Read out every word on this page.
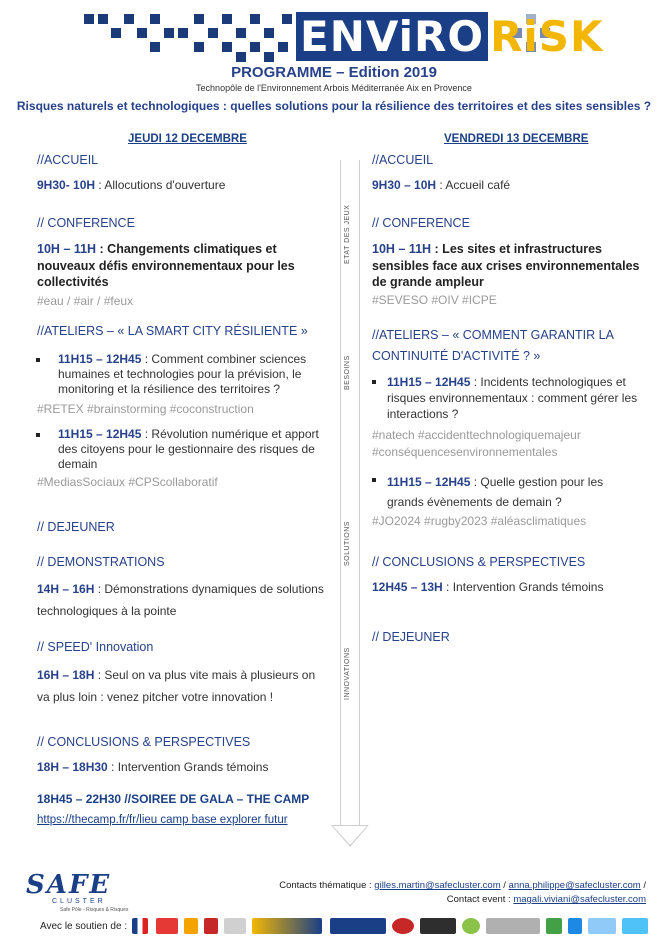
ENViRO RiSK
PROGRAMME – Edition 2019
Technopôle de l'Environnement Arbois Méditerranée Aix en Provence
Risques naturels et technologiques : quelles solutions pour la résilience des territoires et des sites sensibles ?
JEUDI 12 DECEMBRE	VENDREDI 13 DECEMBRE
ETAT DES JEUX
BESOINS
SOLUTIONS
INNOVATIONS
//ACCUEIL
9H30- 10H : Allocutions d'ouverture
// CONFERENCE
10H – 11H : Changements climatiques et nouveaux défis environnementaux pour les collectivités
#eau / #air / #feux
//ATELIERS – « LA SMART CITY RÉSILIENTE »
11H15 – 12H45 : Comment combiner sciences humaines et technologies pour la prévision, le monitoring et la résilience des territoires ?
#RETEX #brainstorming #coconstruction
11H15 – 12H45 : Révolution numérique et apport des citoyens pour le gestionnaire des risques de demain
#MediasSociaux #CPScollaboratif
// DEJEUNER
// DEMONSTRATIONS
14H – 16H : Démonstrations dynamiques de solutions technologiques à la pointe
// SPEED' Innovation
16H – 18H : Seul on va plus vite mais à plusieurs on va plus loin : venez pitcher votre innovation !
// CONCLUSIONS & PERSPECTIVES
18H – 18H30 : Intervention Grands témoins
18H45 – 22H30 //SOIREE DE GALA – THE CAMP
https://thecamp.fr/fr/lieu camp base explorer futur
//ACCUEIL
9H30 – 10H : Accueil café
// CONFERENCE
10H – 11H : Les sites et infrastructures sensibles face aux crises environnementales de grande ampleur
#SEVESO #OIV #ICPE
//ATELIERS – « COMMENT GARANTIR LA CONTINUITÉ D'ACTIVITÉ ? »
11H15 – 12H45 : Incidents technologiques et risques environnementaux : comment gérer les interactions ?
#natech #accidenttechnologiquemajeur #conséquencesenvironnementales
11H15 – 12H45 : Quelle gestion pour les grands évènements de demain ?
#JO2024 #rugby2023 #aléasclimatiques
// CONCLUSIONS & PERSPECTIVES
12H45 – 13H : Intervention Grands témoins
// DEJEUNER
SAFE
CLUSTER
Safe Pôle - Risques & Risques
Contacts thématique : gilles.martin@safecluster.com / anna.philippe@safecluster.com /
Contact event : magali.viviani@safecluster.com
Avec le soutien de :
